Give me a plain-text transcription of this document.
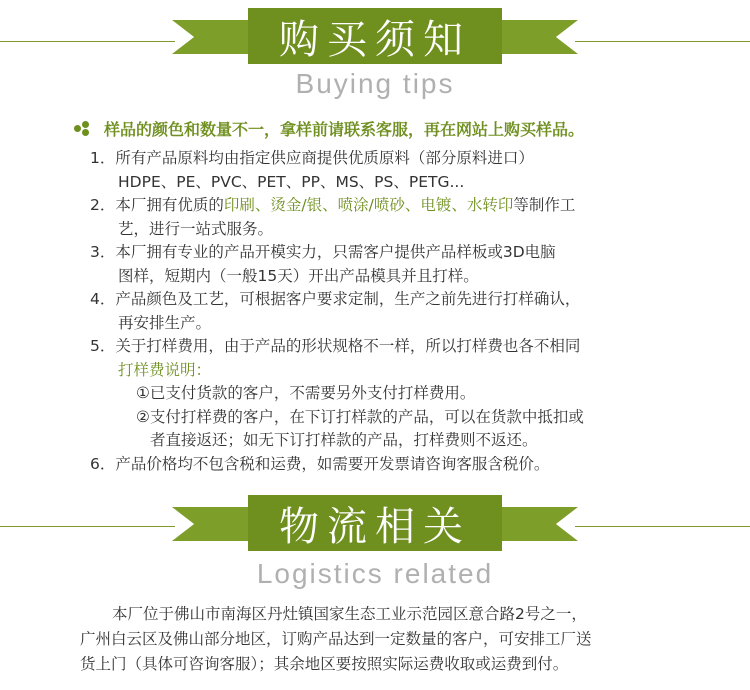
购买须知
Buying tips
样品的颜色和数量不一，拿样前请联系客服，再在网站上购买样品。
1．所有产品原料均由指定供应商提供优质原料（部分原料进口）
HDPE、PE、PVC、PET、PP、MS、PS、PETG...
2．本厂拥有优质的印刷、烫金/银、喷涂/喷砂、电镀、水转印等制作工
艺，进行一站式服务。
3．本厂拥有专业的产品开模实力，只需客户提供产品样板或3D电脑
图样，短期内（一般15天）开出产品模具并且打样。
4．产品颜色及工艺，可根据客户要求定制，生产之前先进行打样确认，
再安排生产。
5．关于打样费用，由于产品的形状规格不一样，所以打样费也各不相同
打样费说明：
①已支付货款的客户，不需要另外支付打样费用。
②支付打样费的客户，在下订打样款的产品，可以在货款中抵扣或
者直接返还；如无下订打样款的产品，打样费则不返还。
6．产品价格均不包含税和运费，如需要开发票请咨询客服含税价。
物流相关
Logistics related
本厂位于佛山市南海区丹灶镇国家生态工业示范园区意合路2号之一，
广州白云区及佛山部分地区，订购产品达到一定数量的客户，可安排工厂送
货上门（具体可咨询客服）；其余地区要按照实际运费收取或运费到付。
